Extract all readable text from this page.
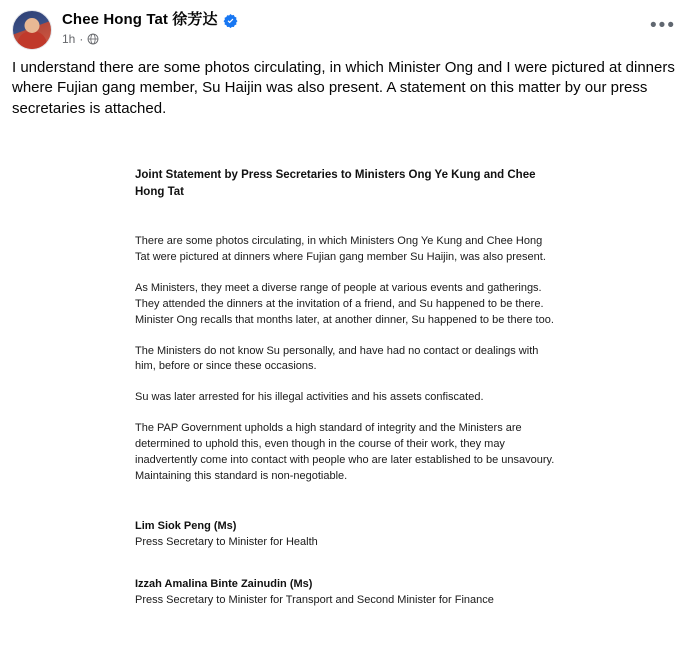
Chee Hong Tat 徐芳达
1h ·
•••
I understand there are some photos circulating, in which Minister Ong and I were pictured at dinners where Fujian gang member, Su Haijin was also present. A statement on this matter by our press secretaries is attached.
Joint Statement by Press Secretaries to Ministers Ong Ye Kung and Chee Hong Tat
There are some photos circulating, in which Ministers Ong Ye Kung and Chee Hong Tat were pictured at dinners where Fujian gang member Su Haijin, was also present.
As Ministers, they meet a diverse range of people at various events and gatherings. They attended the dinners at the invitation of a friend, and Su happened to be there. Minister Ong recalls that months later, at another dinner, Su happened to be there too.
The Ministers do not know Su personally, and have had no contact or dealings with him, before or since these occasions.
Su was later arrested for his illegal activities and his assets confiscated.
The PAP Government upholds a high standard of integrity and the Ministers are determined to uphold this, even though in the course of their work, they may inadvertently come into contact with people who are later established to be unsavoury. Maintaining this standard is non-negotiable.
Lim Siok Peng (Ms)
Press Secretary to Minister for Health
Izzah Amalina Binte Zainudin (Ms)
Press Secretary to Minister for Transport and Second Minister for Finance
